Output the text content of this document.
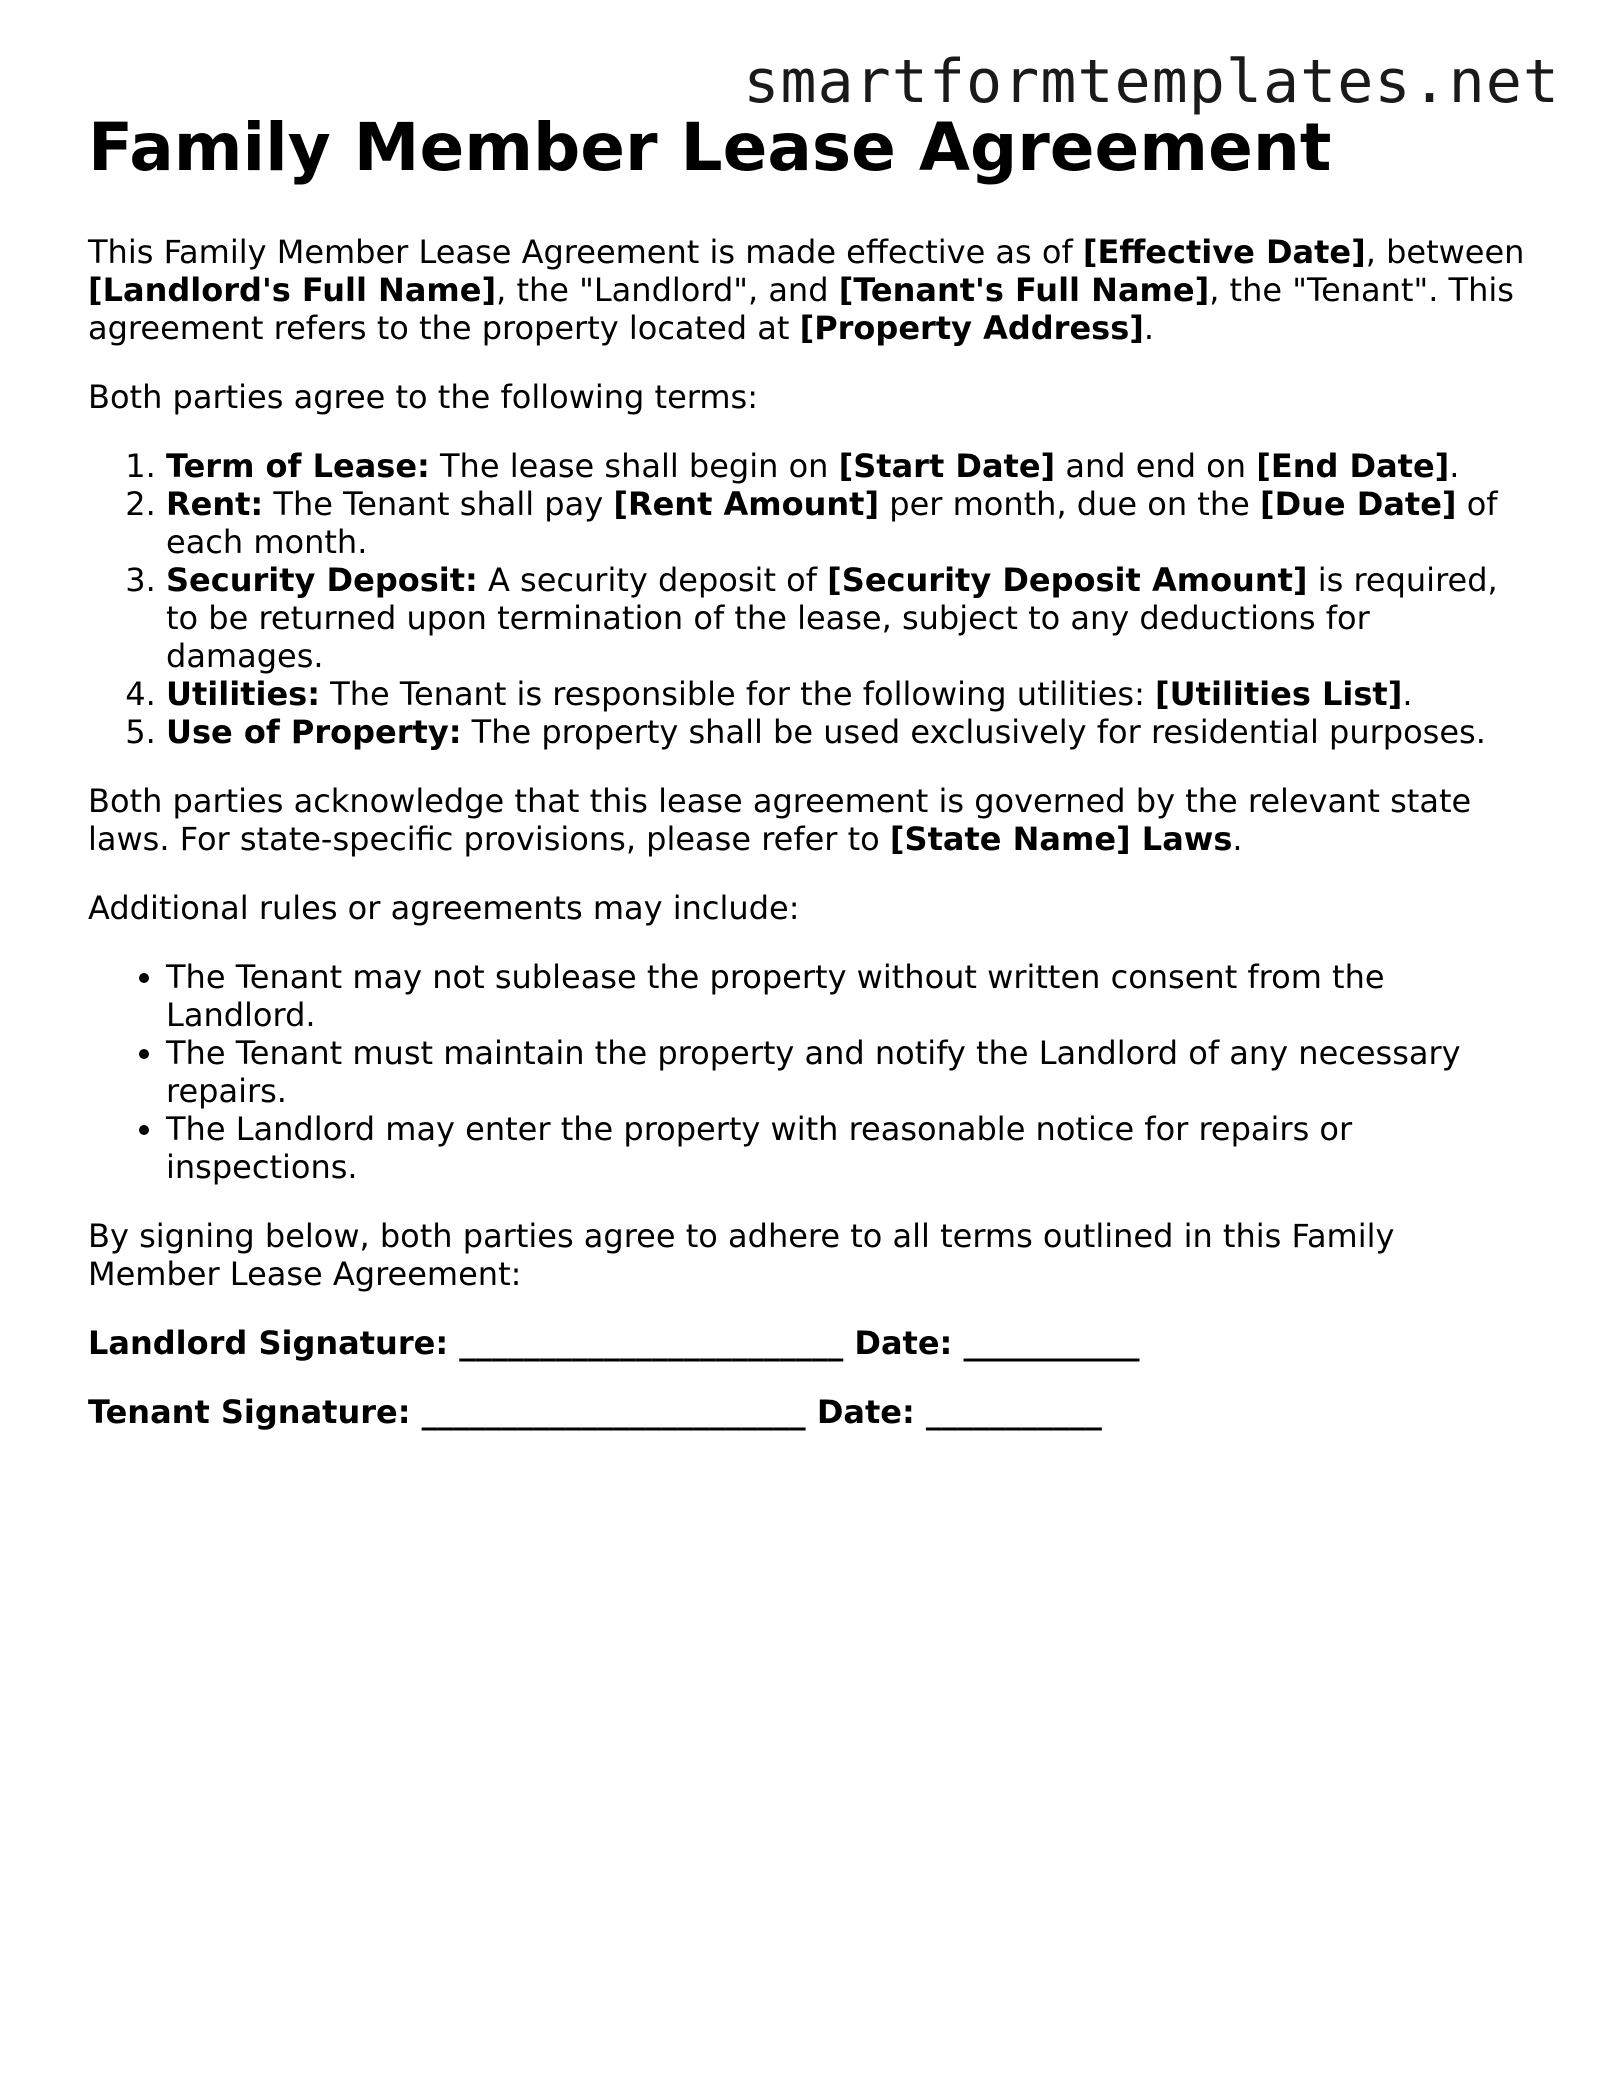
smartformtemplates.net
Family Member Lease Agreement

This Family Member Lease Agreement is made effective as of [Effective Date], between [Landlord's Full Name], the "Landlord", and [Tenant's Full Name], the "Tenant". This agreement refers to the property located at [Property Address].

Both parties agree to the following terms:

1. Term of Lease: The lease shall begin on [Start Date] and end on [End Date].
2. Rent: The Tenant shall pay [Rent Amount] per month, due on the [Due Date] of each month.
3. Security Deposit: A security deposit of [Security Deposit Amount] is required, to be returned upon termination of the lease, subject to any deductions for damages.
4. Utilities: The Tenant is responsible for the following utilities: [Utilities List].
5. Use of Property: The property shall be used exclusively for residential purposes.

Both parties acknowledge that this lease agreement is governed by the relevant state laws. For state-specific provisions, please refer to [State Name] Laws.

Additional rules or agreements may include:

• The Tenant may not sublease the property without written consent from the Landlord.
• The Tenant must maintain the property and notify the Landlord of any necessary repairs.
• The Landlord may enter the property with reasonable notice for repairs or inspections.

By signing below, both parties agree to adhere to all terms outlined in this Family Member Lease Agreement:

Landlord Signature: ________________________ Date: ___________
Tenant Signature: ________________________ Date: ___________
